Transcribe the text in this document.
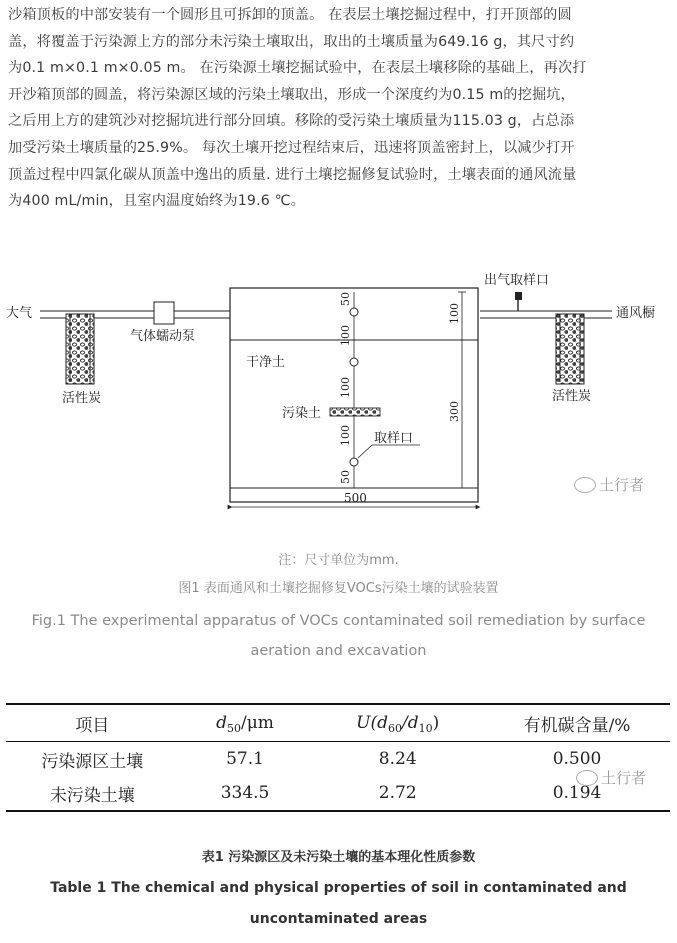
沙箱顶板的中部安装有一个圆形且可拆卸的顶盖。 在表层土壤挖掘过程中，打开顶部的圆

盖，将覆盖于污染源上方的部分未污染土壤取出，取出的土壤质量为649.16 g，其尺寸约

为0.1 m×0.1 m×0.05 m。 在污染源土壤挖掘试验中，在表层土壤移除的基础上，再次打

开沙箱顶部的圆盖，将污染源区域的污染土壤取出，形成一个深度约为0.15 m的挖掘坑，

之后用上方的建筑沙对挖掘坑进行部分回填。移除的受污染土壤质量为115.03 g，占总添

加受污染土壤质量的25.9%。 每次土壤开挖过程结束后，迅速将顶盖密封上，以减少打开

顶盖过程中四氯化碳从顶盖中逸出的质量. 进行土壤挖掘修复试验时，土壤表面的通风流量

为400 mL/min，且室内温度始终为19.6 ℃。

活性炭
大气
气体蠕动泵
干净土
50
100
100
100
50
污染土
取样口
100
300
500
出气取样口
活性炭
通风橱
土行者
注：尺寸单位为mm.
图1 表面通风和土壤挖掘修复VOCs污染土壤的试验装置
Fig.1 The experimental apparatus of VOCs contaminated soil remediation by surface aeration and excavation
项目	$d_{50}/\mu m$	$U(d_{60}/d_{10})$	有机碳含量/%
污染源区土壤	57.1	8.24	0.500
未污染土壤	334.5	2.72	0.194
土行者
表1 污染源区及未污染土壤的基本理化性质参数
Table 1 The chemical and physical properties of soil in contaminated and uncontaminated areas
